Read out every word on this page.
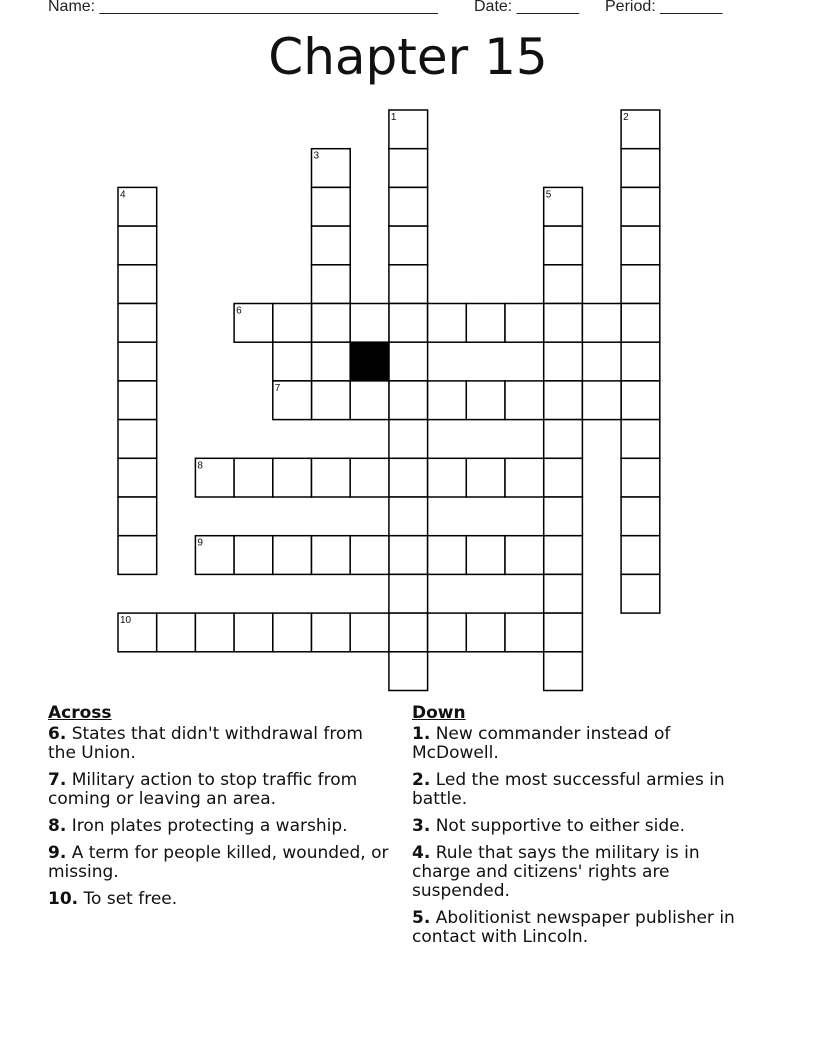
Name: ______________________________________ Date: _______ Period: _______
Chapter 15
1	2
3
4	5
6
7
8
9
10
Across
6. States that didn't withdrawal from the Union.
7. Military action to stop traffic from coming or leaving an area.
8. Iron plates protecting a warship.
9. A term for people killed, wounded, or missing.
10. To set free.
Down
1. New commander instead of McDowell.
2. Led the most successful armies in battle.
3. Not supportive to either side.
4. Rule that says the military is in charge and citizens' rights are suspended.
5. Abolitionist newspaper publisher in contact with Lincoln.
